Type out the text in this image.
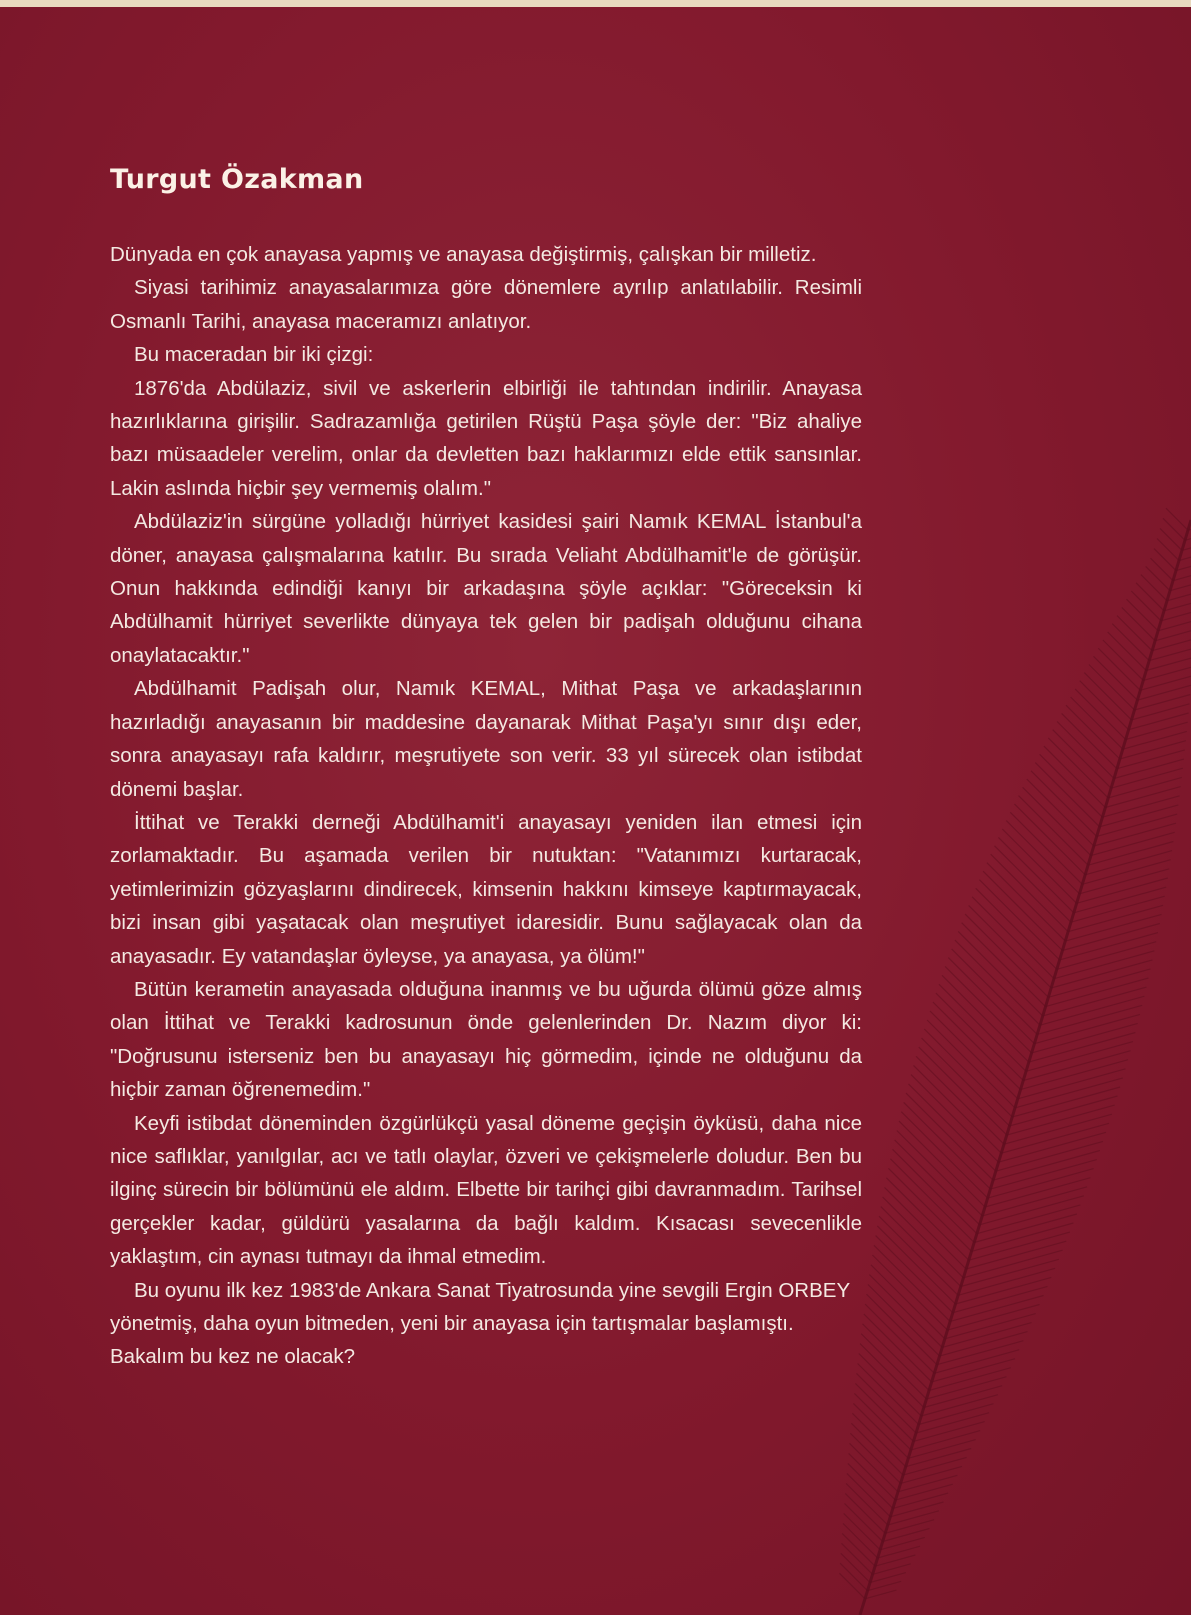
Turgut Özakman

Dünyada en çok anayasa yapmış ve anayasa değiştirmiş, çalışkan bir milletiz.

Siyasi tarihimiz anayasalarımıza göre dönemlere ayrılıp anlatılabilir. Resimli Osmanlı Tarihi, anayasa maceramızı anlatıyor.

Bu maceradan bir iki çizgi:

1876'da Abdülaziz, sivil ve askerlerin elbirliği ile tahtından indirilir. Anayasa hazırlıklarına girişilir. Sadrazamlığa getirilen Rüştü Paşa şöyle der: "Biz ahaliye bazı müsaadeler verelim, onlar da devletten bazı haklarımızı elde ettik sansınlar. Lakin aslında hiçbir şey vermemiş olalım."

Abdülaziz'in sürgüne yolladığı hürriyet kasidesi şairi Namık KEMAL İstanbul'a döner, anayasa çalışmalarına katılır. Bu sırada Veliaht Abdülhamit'le de görüşür. Onun hakkında edindiği kanıyı bir arkadaşına şöyle açıklar: "Göreceksin ki Abdülhamit hürriyet severlikte dünyaya tek gelen bir padişah olduğunu cihana onaylatacaktır."

Abdülhamit Padişah olur, Namık KEMAL, Mithat Paşa ve arkadaşlarının hazırladığı anayasanın bir maddesine dayanarak Mithat Paşa'yı sınır dışı eder, sonra anayasayı rafa kaldırır, meşrutiyete son verir. 33 yıl sürecek olan istibdat dönemi başlar.

İttihat ve Terakki derneği Abdülhamit'i anayasayı yeniden ilan etmesi için zorlamaktadır. Bu aşamada verilen bir nutuktan: "Vatanımızı kurtaracak, yetimlerimizin gözyaşlarını dindirecek, kimsenin hakkını kimseye kaptırmayacak, bizi insan gibi yaşatacak olan meşrutiyet idaresidir. Bunu sağlayacak olan da anayasadır. Ey vatandaşlar öyleyse, ya anayasa, ya ölüm!"

Bütün kerametin anayasada olduğuna inanmış ve bu uğurda ölümü göze almış olan İttihat ve Terakki kadrosunun önde gelenlerinden Dr. Nazım diyor ki: "Doğrusunu isterseniz ben bu anayasayı hiç görmedim, içinde ne olduğunu da hiçbir zaman öğrenemedim."

Keyfi istibdat döneminden özgürlükçü yasal döneme geçişin öyküsü, daha nice nice saflıklar, yanılgılar, acı ve tatlı olaylar, özveri ve çekişmelerle doludur. Ben bu ilginç sürecin bir bölümünü ele aldım. Elbette bir tarihçi gibi davranmadım. Tarihsel gerçekler kadar, güldürü yasalarına da bağlı kaldım. Kısacası sevecenlikle yaklaştım, cin aynası tutmayı da ihmal etmedim.

Bu oyunu ilk kez 1983'de Ankara Sanat Tiyatrosunda yine sevgili Ergin ORBEY yönetmiş, daha oyun bitmeden, yeni bir anayasa için tartışmalar başlamıştı. Bakalım bu kez ne olacak?
